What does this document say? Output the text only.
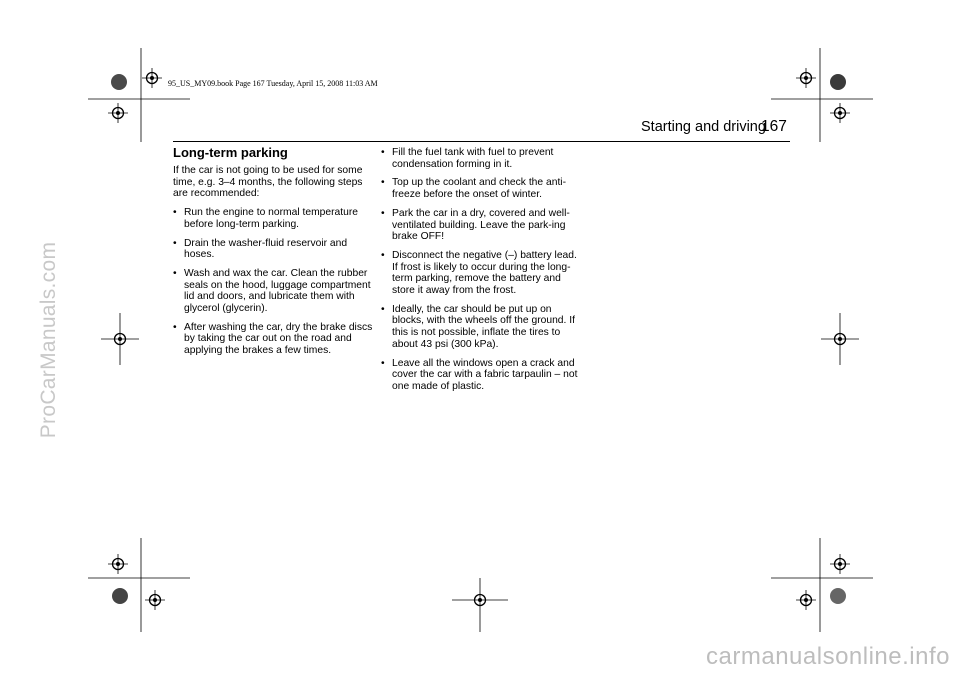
ProCarManuals.com
95_US_MY09.book Page 167 Tuesday, April 15, 2008 11:03 AM
Starting and driving
167
Long-term parking

If the car is not going to be used for some time, e.g. 3–4 months, the following steps are recommended:

• Run the engine to normal temperature before long-term parking.
• Drain the washer-fluid reservoir and hoses.
• Wash and wax the car. Clean the rubber seals on the hood, luggage compartment lid and doors, and lubricate them with glycerol (glycerin).
• After washing the car, dry the brake discs by taking the car out on the road and applying the brakes a few times.
• Fill the fuel tank with fuel to prevent condensation forming in it.
• Top up the coolant and check the anti-freeze before the onset of winter.
• Park the car in a dry, covered and well-ventilated building. Leave the park-ing brake OFF!
• Disconnect the negative (–) battery lead. If frost is likely to occur during the long-term parking, remove the battery and store it away from the frost.
• Ideally, the car should be put up on blocks, with the wheels off the ground. If this is not possible, inflate the tires to about 43 psi (300 kPa).
• Leave all the windows open a crack and cover the car with a fabric tarpaulin – not one made of plastic.
carmanualsonline.info
